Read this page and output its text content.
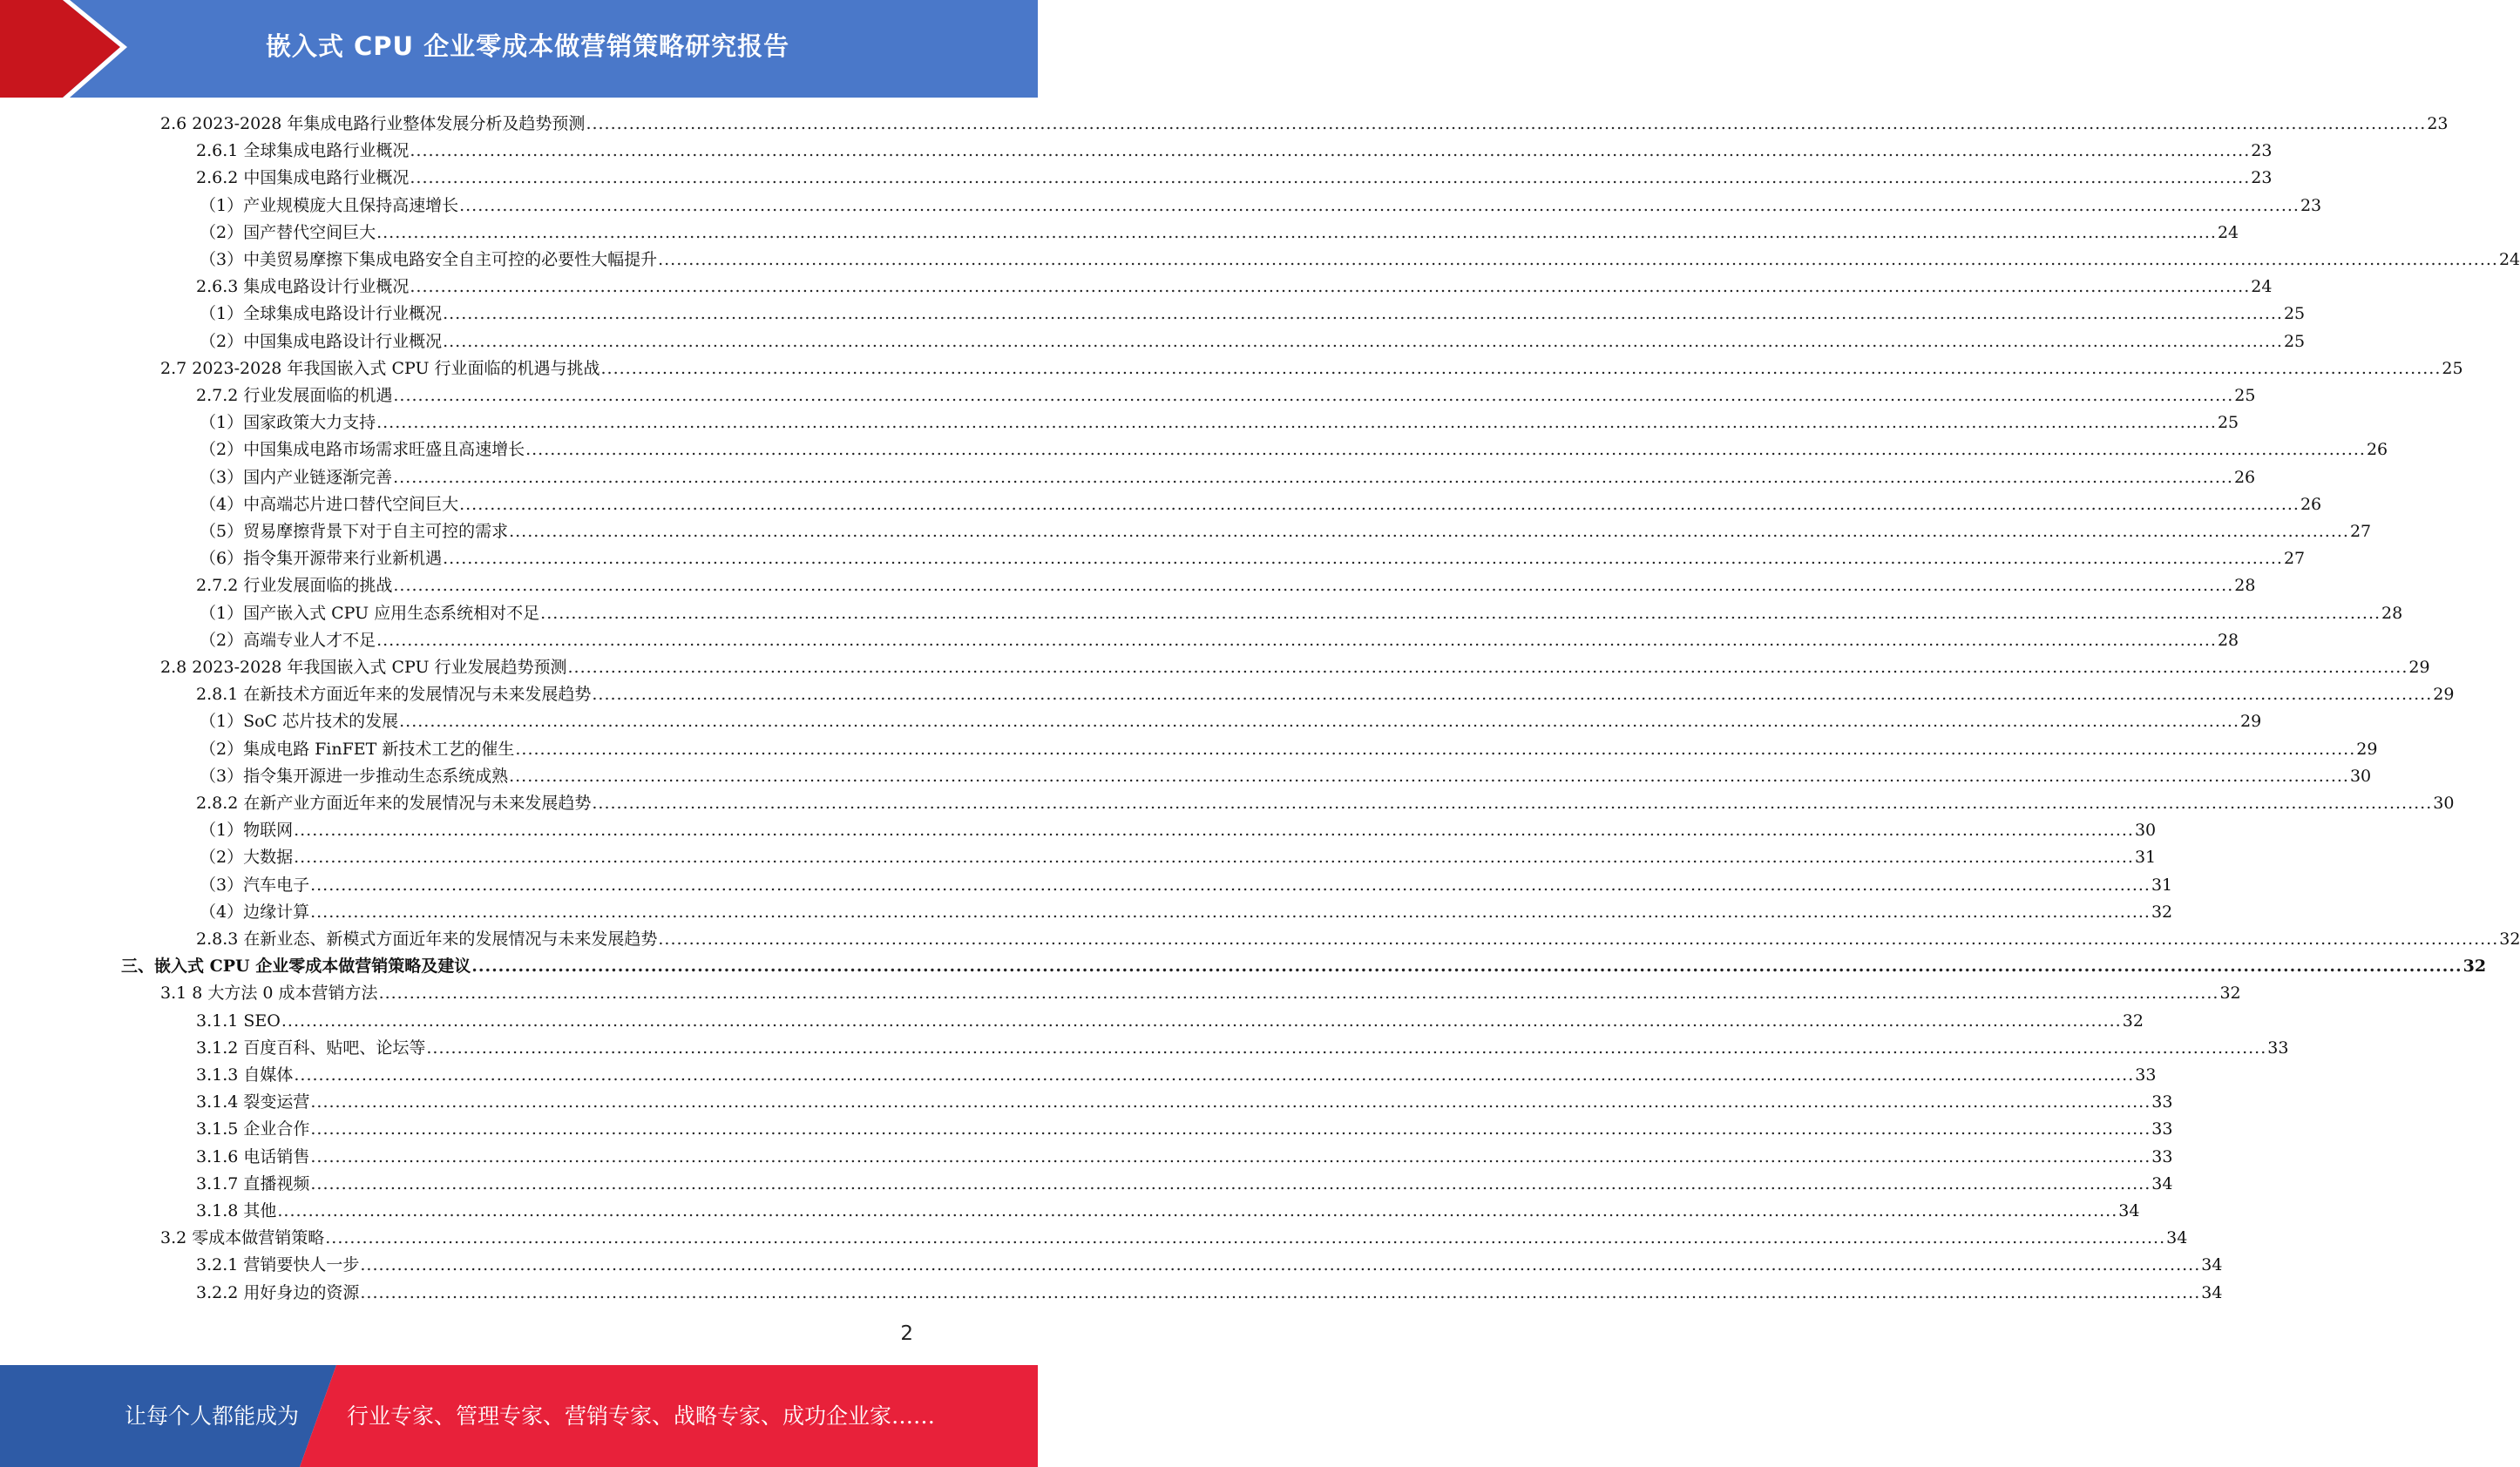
嵌入式 CPU 企业零成本做营销策略研究报告
2.6 2023-2028 年集成电路行业整体发展分析及趋势预测 ............................................................................................................................................................................................................................................................................................................ 23
2.6.1 全球集成电路行业概况 ............................................................................................................................................................................................................................................................................................................ 23
2.6.2 中国集成电路行业概况 ............................................................................................................................................................................................................................................................................................................ 23
（1）产业规模庞大且保持高速增长 ............................................................................................................................................................................................................................................................................................................ 23
（2）国产替代空间巨大 ............................................................................................................................................................................................................................................................................................................ 24
（3）中美贸易摩擦下集成电路安全自主可控的必要性大幅提升 ............................................................................................................................................................................................................................................................................................................ 24
2.6.3 集成电路设计行业概况 ............................................................................................................................................................................................................................................................................................................ 24
（1）全球集成电路设计行业概况 ............................................................................................................................................................................................................................................................................................................ 25
（2）中国集成电路设计行业概况 ............................................................................................................................................................................................................................................................................................................ 25
2.7 2023-2028 年我国嵌入式 CPU 行业面临的机遇与挑战 ............................................................................................................................................................................................................................................................................................................ 25
2.7.2 行业发展面临的机遇 ............................................................................................................................................................................................................................................................................................................ 25
（1）国家政策大力支持 ............................................................................................................................................................................................................................................................................................................ 25
（2）中国集成电路市场需求旺盛且高速增长 ............................................................................................................................................................................................................................................................................................................ 26
（3）国内产业链逐渐完善 ............................................................................................................................................................................................................................................................................................................ 26
（4）中高端芯片进口替代空间巨大 ............................................................................................................................................................................................................................................................................................................ 26
（5）贸易摩擦背景下对于自主可控的需求 ............................................................................................................................................................................................................................................................................................................ 27
（6）指令集开源带来行业新机遇 ............................................................................................................................................................................................................................................................................................................ 27
2.7.2 行业发展面临的挑战 ............................................................................................................................................................................................................................................................................................................ 28
（1）国产嵌入式 CPU 应用生态系统相对不足 ............................................................................................................................................................................................................................................................................................................ 28
（2）高端专业人才不足 ............................................................................................................................................................................................................................................................................................................ 28
2.8 2023-2028 年我国嵌入式 CPU 行业发展趋势预测 ............................................................................................................................................................................................................................................................................................................ 29
2.8.1 在新技术方面近年来的发展情况与未来发展趋势 ............................................................................................................................................................................................................................................................................................................ 29
（1）SoC 芯片技术的发展 ............................................................................................................................................................................................................................................................................................................ 29
（2）集成电路 FinFET 新技术工艺的催生 ............................................................................................................................................................................................................................................................................................................ 29
（3）指令集开源进一步推动生态系统成熟 ............................................................................................................................................................................................................................................................................................................ 30
2.8.2 在新产业方面近年来的发展情况与未来发展趋势 ............................................................................................................................................................................................................................................................................................................ 30
（1）物联网 ............................................................................................................................................................................................................................................................................................................ 30
（2）大数据 ............................................................................................................................................................................................................................................................................................................ 31
（3）汽车电子 ............................................................................................................................................................................................................................................................................................................ 31
（4）边缘计算 ............................................................................................................................................................................................................................................................................................................ 32
2.8.3 在新业态、新模式方面近年来的发展情况与未来发展趋势 ............................................................................................................................................................................................................................................................................................................ 32
三、嵌入式 CPU 企业零成本做营销策略及建议 ............................................................................................................................................................................................................................................................................................................ 32
3.1 8 大方法 0 成本营销方法 ............................................................................................................................................................................................................................................................................................................ 32
3.1.1 SEO ............................................................................................................................................................................................................................................................................................................ 32
3.1.2 百度百科、贴吧、论坛等 ............................................................................................................................................................................................................................................................................................................ 33
3.1.3 自媒体 ............................................................................................................................................................................................................................................................................................................ 33
3.1.4 裂变运营 ............................................................................................................................................................................................................................................................................................................ 33
3.1.5 企业合作 ............................................................................................................................................................................................................................................................................................................ 33
3.1.6 电话销售 ............................................................................................................................................................................................................................................................................................................ 33
3.1.7 直播视频 ............................................................................................................................................................................................................................................................................................................ 34
3.1.8 其他 ............................................................................................................................................................................................................................................................................................................ 34
3.2 零成本做营销策略 ............................................................................................................................................................................................................................................................................................................ 34
3.2.1 营销要快人一步 ............................................................................................................................................................................................................................................................................................................ 34
3.2.2 用好身边的资源 ............................................................................................................................................................................................................................................................................................................ 34
2
让每个人都能成为 行业专家、管理专家、营销专家、战略专家、成功企业家……
